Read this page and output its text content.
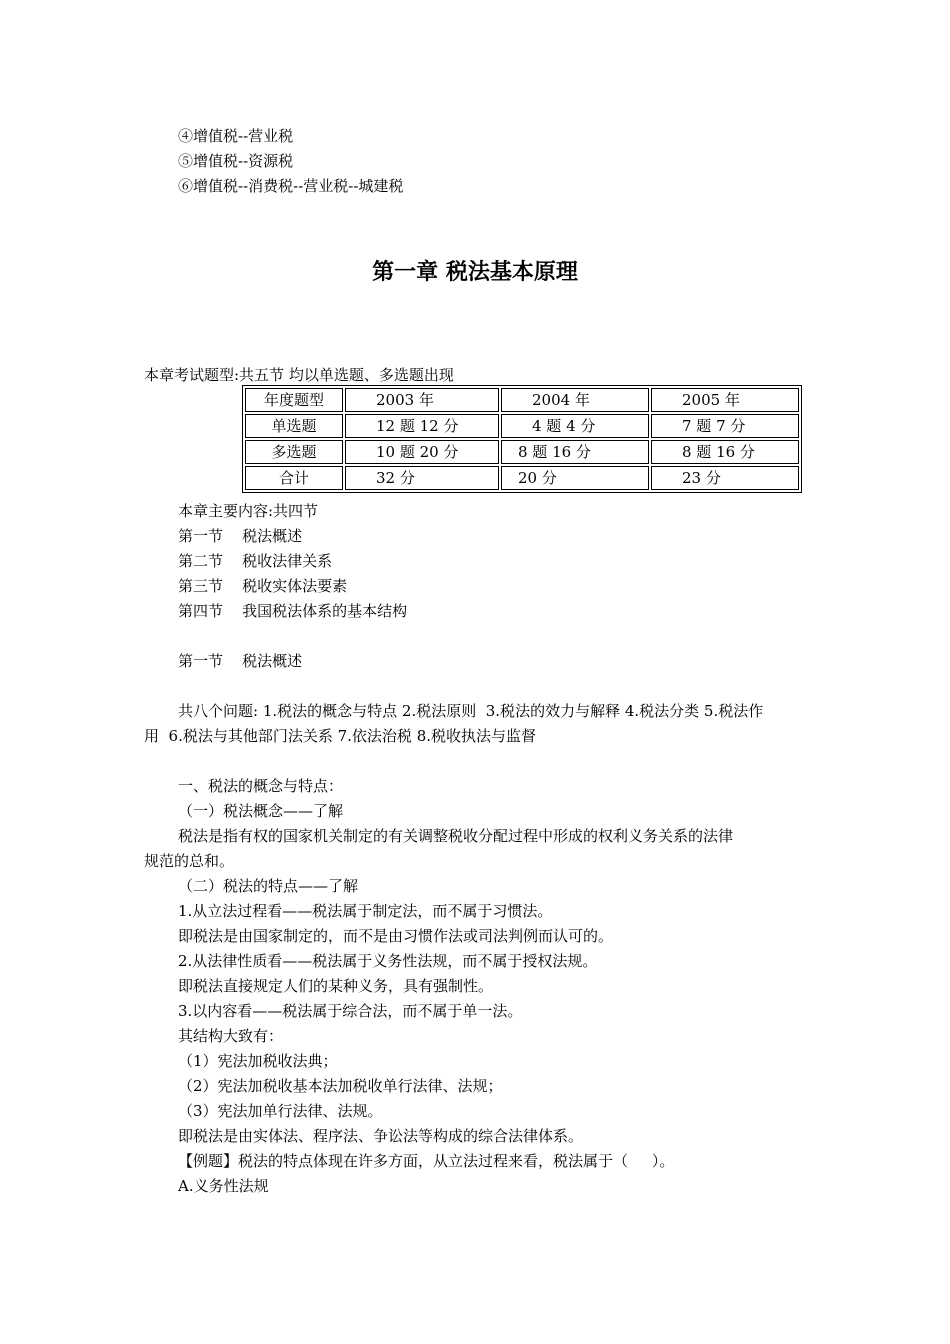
④增值税--营业税
⑤增值税--资源税
⑥增值税--消费税--营业税--城建税
第一章 税法基本原理
本章考试题型:共五节 均以单选题、多选题出现
年度题型	2003 年	2004 年	2005 年
单选题	12 题 12 分	4 题 4 分	7 题 7 分
多选题	10 题 20 分	8 题 16 分	8 题 16 分
合计	32 分	20 分	23 分
本章主要内容:共四节
第一节    税法概述
第二节    税收法律关系
第三节    税收实体法要素
第四节    我国税法体系的基本结构
第一节    税法概述
共八个问题: 1.税法的概念与特点 2.税法原则  3.税法的效力与解释 4.税法分类 5.税法作
用  6.税法与其他部门法关系 7.依法治税 8.税收执法与监督
一、税法的概念与特点：
（一）税法概念——了解
税法是指有权的国家机关制定的有关调整税收分配过程中形成的权利义务关系的法律
规范的总和。
（二）税法的特点——了解
1.从立法过程看——税法属于制定法，而不属于习惯法。
即税法是由国家制定的，而不是由习惯作法或司法判例而认可的。
2.从法律性质看——税法属于义务性法规，而不属于授权法规。
即税法直接规定人们的某种义务，具有强制性。
3.以内容看——税法属于综合法，而不属于单一法。
其结构大致有：
（1）宪法加税收法典；
（2）宪法加税收基本法加税收单行法律、法规；
（3）宪法加单行法律、法规。
即税法是由实体法、程序法、争讼法等构成的综合法律体系。
【例题】税法的特点体现在许多方面，从立法过程来看，税法属于（     ）。
A.义务性法规
